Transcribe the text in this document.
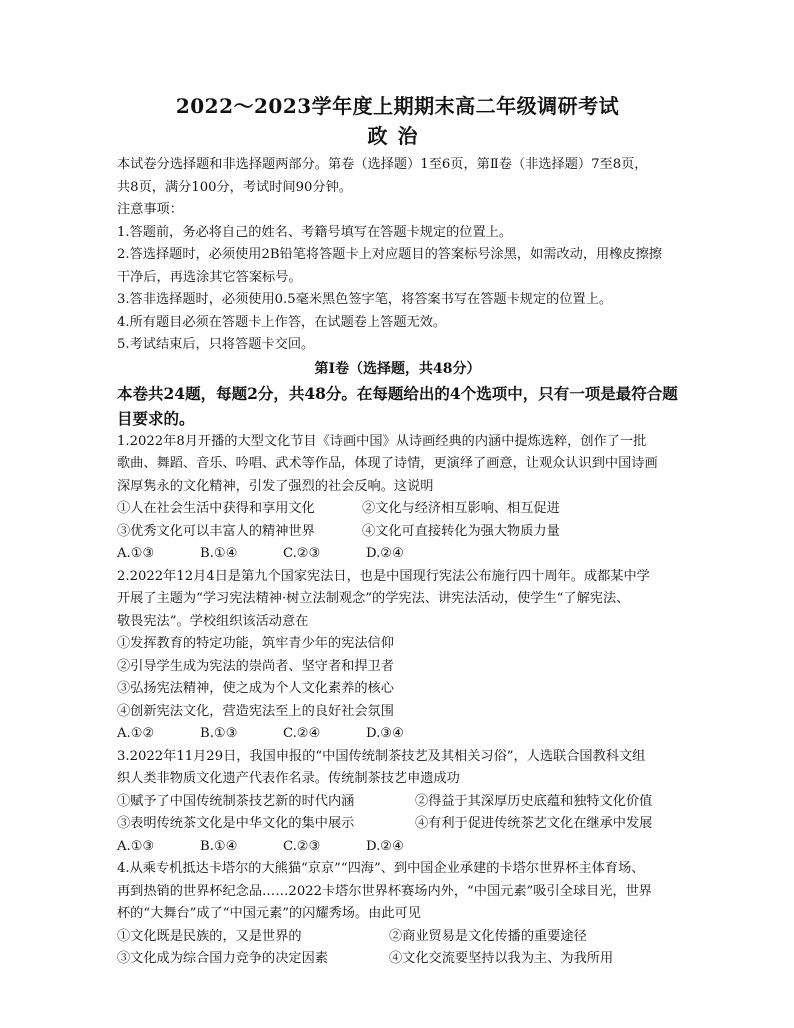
2022～2023学年度上期期末高二年级调研考试
政治

本试卷分选择题和非选择题两部分。第卷（选择题）1至6页，第Ⅱ卷（非选择题）7至8页，

共8页，满分100分，考试时间90分钟。

注意事项：

1.答题前，务必将自己的姓名、考籍号填写在答题卡规定的位置上。

2.答选择题时，必须使用2B铅笔将答题卡上对应题目的答案标号涂黑，如需改动，用橡皮擦擦

干净后，再选涂其它答案标号。

3.答非选择题时，必须使用0.5毫米黑色签字笔，将答案书写在答题卡规定的位置上。

4.所有题目必须在答题卡上作答，在试题卷上答题无效。

5.考试结束后，只将答题卡交回。

第Ⅰ卷（选择题，共48分）

本卷共24题，每题2分，共48分。在每题给出的4个选项中，只有一项是最符合题目要求的。

1.2022年8月开播的大型文化节目《诗画中国》从诗画经典的内涵中提炼选粹，创作了一批

歌曲、舞蹈、音乐、吟唱、武术等作品，体现了诗情，更演绎了画意，让观众认识到中国诗画

深厚隽永的文化精神，引发了强烈的社会反响。这说明

①人在社会生活中获得和享用文化	②文化与经济相互影响、相互促进
③优秀文化可以丰富人的精神世界	④文化可直接转化为强大物质力量
A.①③	B.①④	C.②③	D.②④

2.2022年12月4日是第九个国家宪法日，也是中国现行宪法公布施行四十周年。成都某中学

开展了主题为“学习宪法精神·树立法制观念”的学宪法、讲宪法活动，使学生“了解宪法、

敬畏宪法”。学校组织该活动意在

①发挥教育的特定功能，筑牢青少年的宪法信仰

②引导学生成为宪法的崇尚者、坚守者和捍卫者

③弘扬宪法精神，使之成为个人文化素养的核心

④创新宪法文化，营造宪法至上的良好社会氛围

A.①②	B.①③	C.②④	D.③④

3.2022年11月29日，我国申报的“中国传统制茶技艺及其相关习俗”，人选联合国教科文组

织人类非物质文化遗产代表作名录。传统制茶技艺申遗成功

①赋予了中国传统制茶技艺新的时代内涵	②得益于其深厚历史底蕴和独特文化价值
③表明传统茶文化是中华文化的集中展示	④有利于促进传统茶艺文化在继承中发展
A.①③	B.①④	C.②③	D.②④

4.从乘专机抵达卡塔尔的大熊猫“京京”“四海”、到中国企业承建的卡塔尔世界杯主体育场、

再到热销的世界杯纪念品……2022卡塔尔世界杯赛场内外，“中国元素”吸引全球目光，世界

杯的“大舞台”成了“中国元素”的闪耀秀场。由此可见

①文化既是民族的，又是世界的	②商业贸易是文化传播的重要途径
③文化成为综合国力竞争的决定因素	④文化交流要坚持以我为主、为我所用
